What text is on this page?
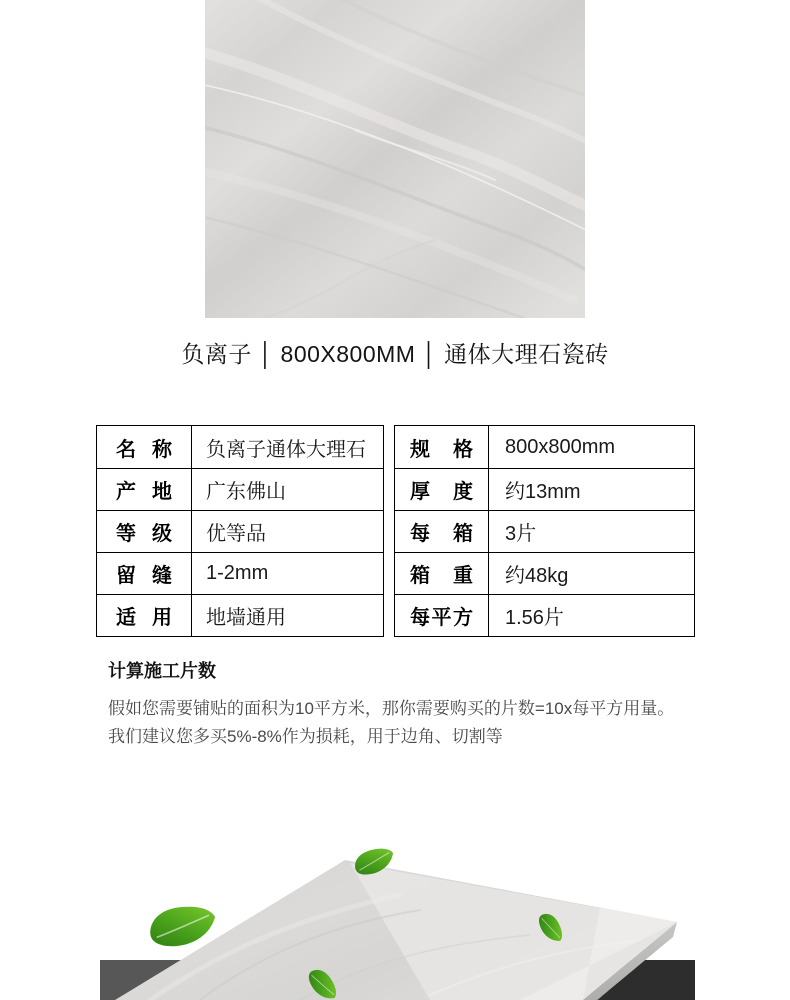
负离子 │ 800X800MM │ 通体大理石瓷砖
名称	负离子通体大理石
产地	广东佛山
等级	优等品
留缝	1-2mm
适用	地墙通用
规格	800x800mm
厚度	约13mm
每箱	3片
箱重	约48kg
每平方	1.56片
计算施工片数
假如您需要铺贴的面积为10平方米，那你需要购买的片数=10x每平方用量。
我们建议您多买5%-8%作为损耗，用于边角、切割等
